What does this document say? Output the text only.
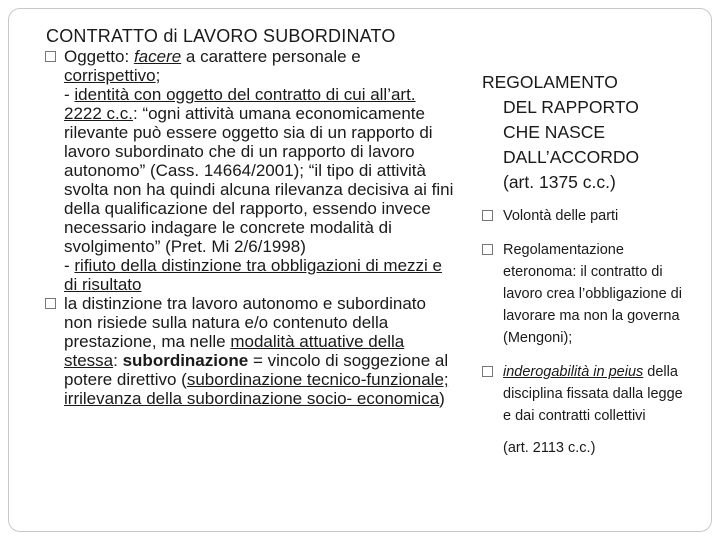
CONTRATTO di LAVORO SUBORDINATO

Oggetto: facere a carattere personale e corrispettivo;

- identità con oggetto del contratto di cui all’art. 2222 c.c.: “ogni attività umana economicamente rilevante può essere oggetto sia di un rapporto di lavoro subordinato che di un rapporto di lavoro autonomo” (Cass. 14664/2001); “il tipo di attività svolta non ha quindi alcuna rilevanza decisiva ai fini della qualificazione del rapporto, essendo invece necessario indagare le concrete modalità di svolgimento” (Pret. Mi 2/6/1998)

- rifiuto della distinzione tra obbligazioni di mezzi e di risultato

la distinzione tra lavoro autonomo e subordinato non risiede sulla natura e/o contenuto della prestazione, ma nelle modalità attuative della stessa: subordinazione = vincolo di soggezione al potere direttivo (subordinazione tecnico-funzionale; irrilevanza della subordinazione socio- economica)

REGOLAMENTO
DEL RAPPORTO
CHE NASCE
DALL’ACCORDO
(art. 1375 c.c.)

Volontà delle parti

Regolamentazione eteronoma: il contratto di lavoro crea l’obbligazione di lavorare ma non la governa (Mengoni);

inderogabilità in peius della disciplina fissata dalla legge e dai contratti collettivi

(art. 2113 c.c.)
